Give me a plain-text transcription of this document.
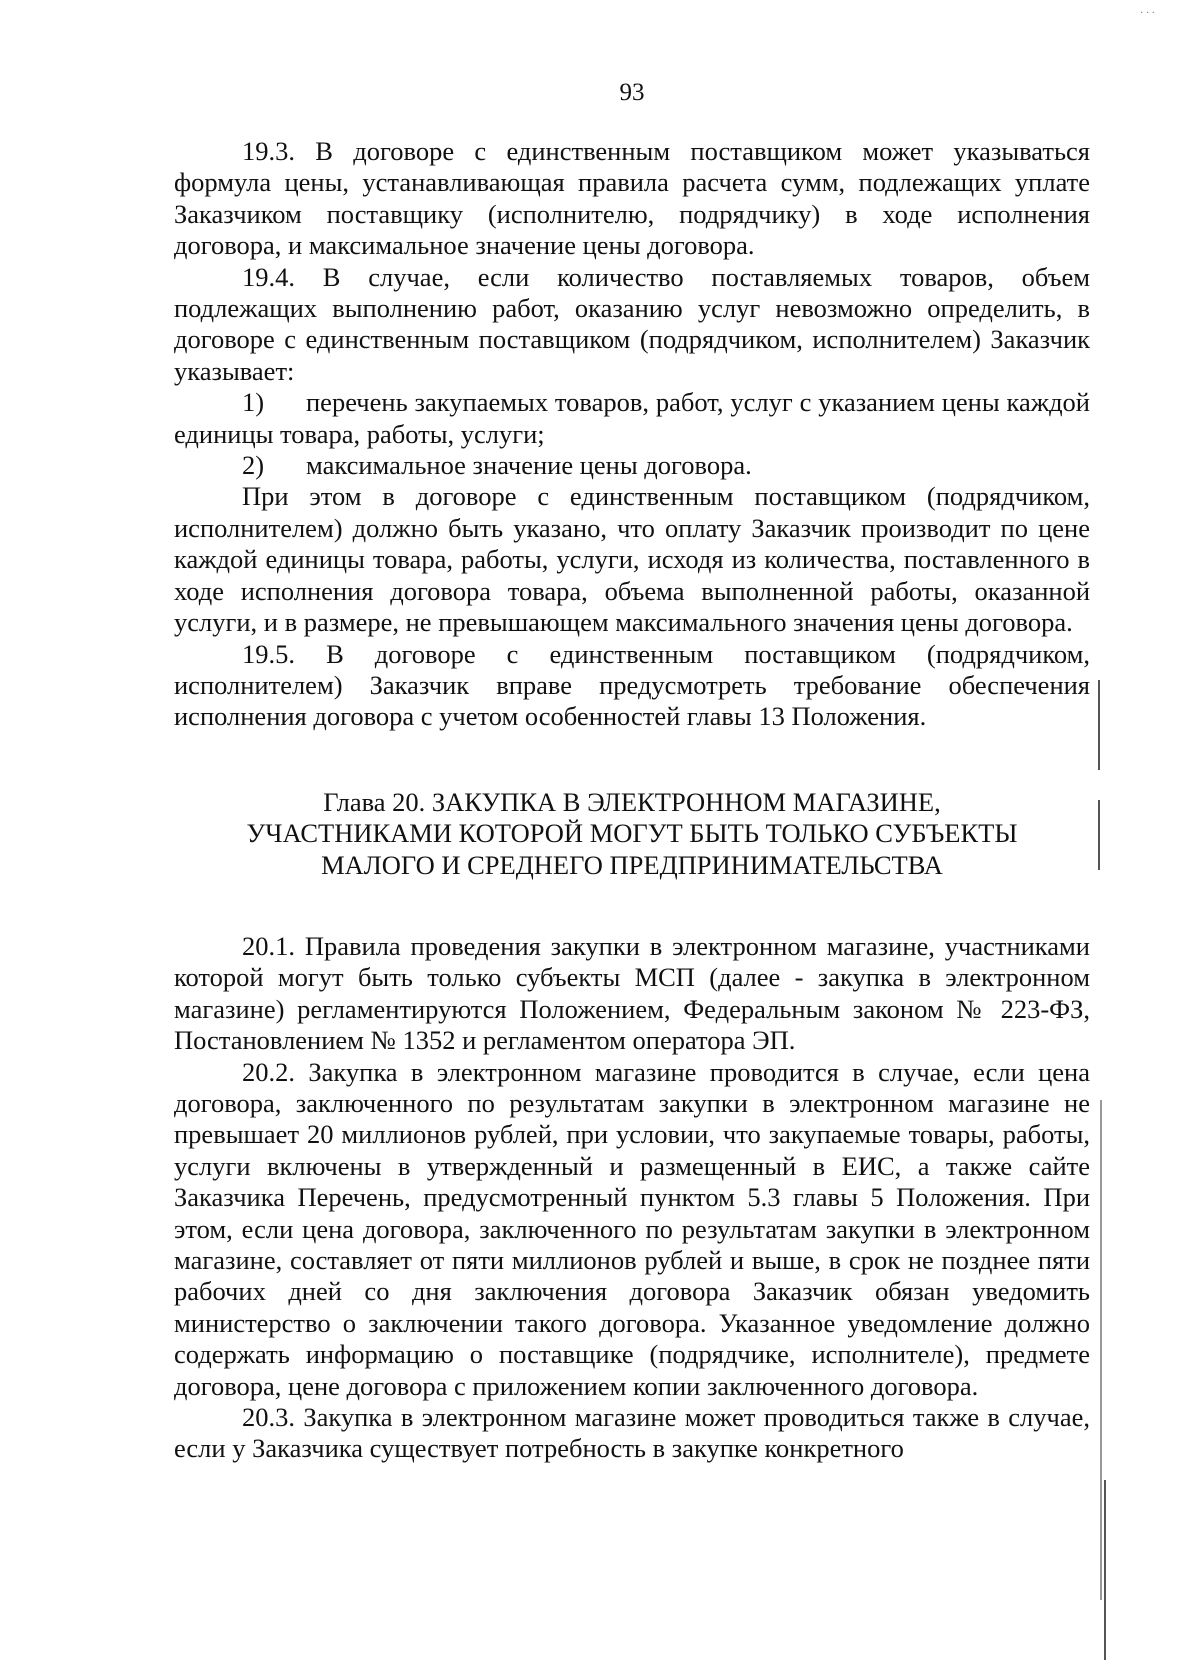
· · ·
93

19.3. В договоре с единственным поставщиком может указываться формула цены, устанавливающая правила расчета сумм, подлежащих уплате Заказчиком поставщику (исполнителю, подрядчику) в ходе исполнения договора, и максимальное значение цены договора.

19.4. В случае, если количество поставляемых товаров, объем подлежащих выполнению работ, оказанию услуг невозможно определить, в договоре с единственным поставщиком (подрядчиком, исполнителем) Заказчик указывает:

1) перечень закупаемых товаров, работ, услуг с указанием цены каждой единицы товара, работы, услуги;
2) максимальное значение цены договора.

При этом в договоре с единственным поставщиком (подрядчиком, исполнителем) должно быть указано, что оплату Заказчик производит по цене каждой единицы товара, работы, услуги, исходя из количества, поставленного в ходе исполнения договора товара, объема выполненной работы, оказанной услуги, и в размере, не превышающем максимального значения цены договора.

19.5. В договоре с единственным поставщиком (подрядчиком, исполнителем) Заказчик вправе предусмотреть требование обеспечения исполнения договора с учетом особенностей главы 13 Положения.

Глава 20. ЗАКУПКА В ЭЛЕКТРОННОМ МАГАЗИНЕ,
УЧАСТНИКАМИ КОТОРОЙ МОГУТ БЫТЬ ТОЛЬКО СУБЪЕКТЫ
МАЛОГО И СРЕДНЕГО ПРЕДПРИНИМАТЕЛЬСТВА

20.1. Правила проведения закупки в электронном магазине, участниками которой могут быть только субъекты МСП (далее - закупка в электронном магазине) регламентируются Положением, Федеральным законом № 223-ФЗ, Постановлением № 1352 и регламентом оператора ЭП.

20.2. Закупка в электронном магазине проводится в случае, если цена договора, заключенного по результатам закупки в электронном магазине не превышает 20 миллионов рублей, при условии, что закупаемые товары, работы, услуги включены в утвержденный и размещенный в ЕИС, а также сайте Заказчика Перечень, предусмотренный пунктом 5.3 главы 5 Положения. При этом, если цена договора, заключенного по результатам закупки в электронном магазине, составляет от пяти миллионов рублей и выше, в срок не позднее пяти рабочих дней со дня заключения договора Заказчик обязан уведомить министерство о заключении такого договора. Указанное уведомление должно содержать информацию о поставщике (подрядчике, исполнителе), предмете договора, цене договора с приложением копии заключенного договора.

20.3. Закупка в электронном магазине может проводиться также в случае, если у Заказчика существует потребность в закупке конкретного
